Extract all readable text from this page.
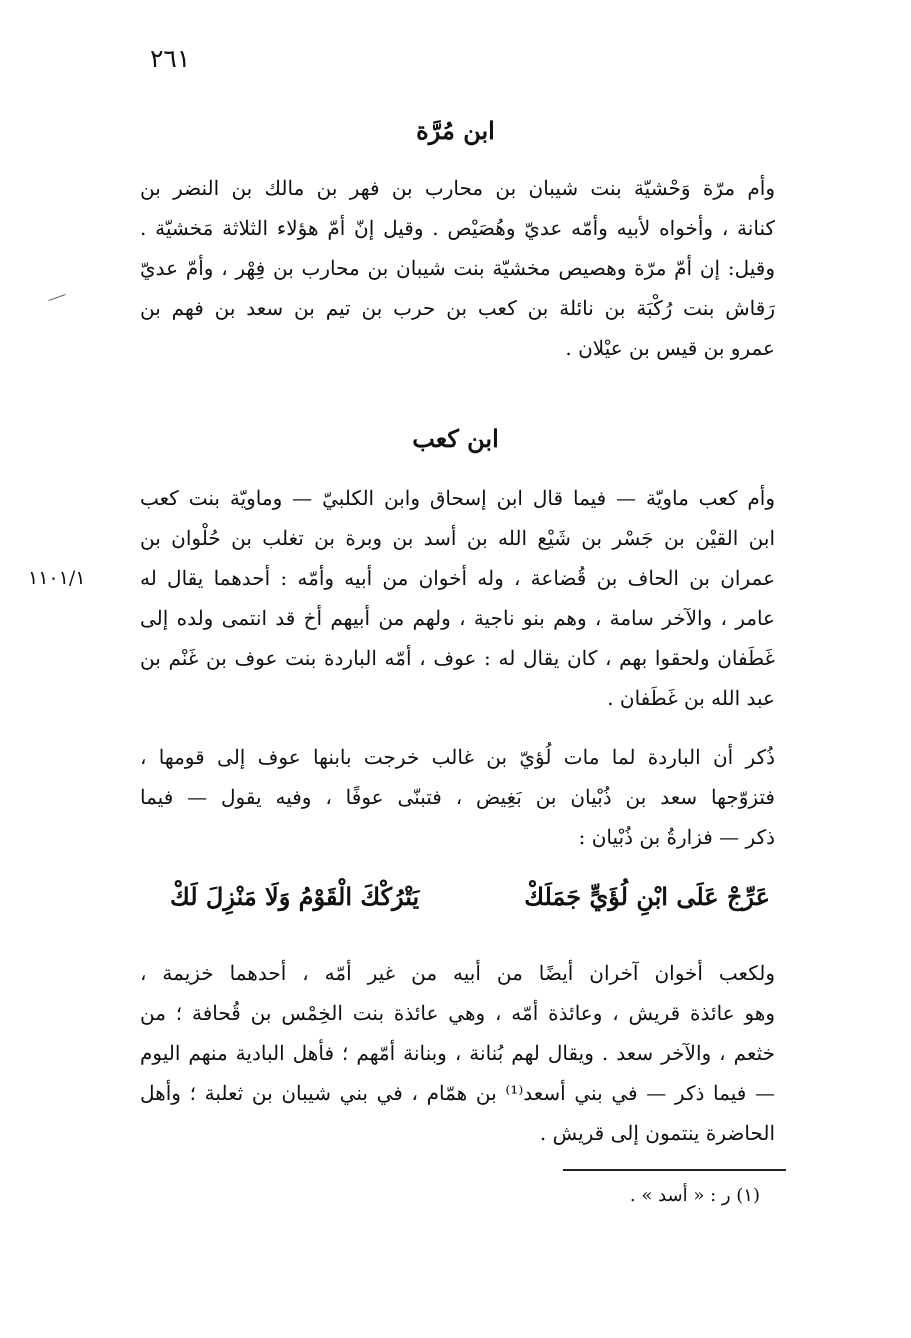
٢٦١
١١٠١/١
ابن مُرَّة
وأم مرّة وَحْشيّة بنت شيبان بن محارب بن فهر بن مالك بن النضر بن
كنانة ، وأخواه لأبيه وأمّه عديّ وهُصَيْص . وقيل إنّ أمّ هؤلاء الثلاثة مَخشيّة .
وقيل: إن أمّ مرّة وهصيص مخشيّة بنت شيبان بن محارب بن فِهْر ، وأمّ عديّ
رَقاش بنت رُكْبَة بن نائلة بن كعب بن حرب بن تيم بن سعد بن فهم بن
عمرو بن قيس بن عيْلان .
ابن كعب
وأم كعب ماويّة — فيما قال ابن إسحاق وابن الكلبيّ — وماويّة بنت كعب
ابن القيْن بن جَسْر بن شَيْع الله بن أسد بن وبرة بن تغلب بن حُلْوان بن
عمران بن الحاف بن قُضاعة ، وله أخوان من أبيه وأمّه : أحدهما يقال له
عامر ، والآخر سامة ، وهم بنو ناجية ، ولهم من أبيهم أخ قد انتمى ولده إلى
غَطَفان ولحقوا بهم ، كان يقال له : عوف ، أمّه الباردة بنت عوف بن غَنْم بن
عبد الله بن غَطَفان .
ذُكر أن الباردة لما مات لُؤيّ بن غالب خرجت بابنها عوف إلى قومها ،
فتزوّجها سعد بن ذُبْيان بن بَغِيض ، فتبنّى عوفًا ، وفيه يقول — فيما
ذكر — فزارةُ بن ذُبْيان :
عَرِّجْ عَلَى ابْنِ لُؤَيٍّ جَمَلَكْ
يَتْرُكْكَ الْقَوْمُ وَلَا مَنْزِلَ لَكْ
ولكعب أخوان آخران أيضًا من أبيه من غير أمّه ، أحدهما خزيمة ،
وهو عائذة قريش ، وعائذة أمّه ، وهي عائذة بنت الخِمْس بن قُحافة ؛ من
خثعم ، والآخر سعد . ويقال لهم بُنانة ، وبنانة أمّهم ؛ فأهل البادية منهم اليوم
— فيما ذكر — في بني أسعد⁽¹⁾ بن همّام ، في بني شيبان بن ثعلبة ؛ وأهل
الحاضرة ينتمون إلى قريش .
(١) ر : « أسد » .
